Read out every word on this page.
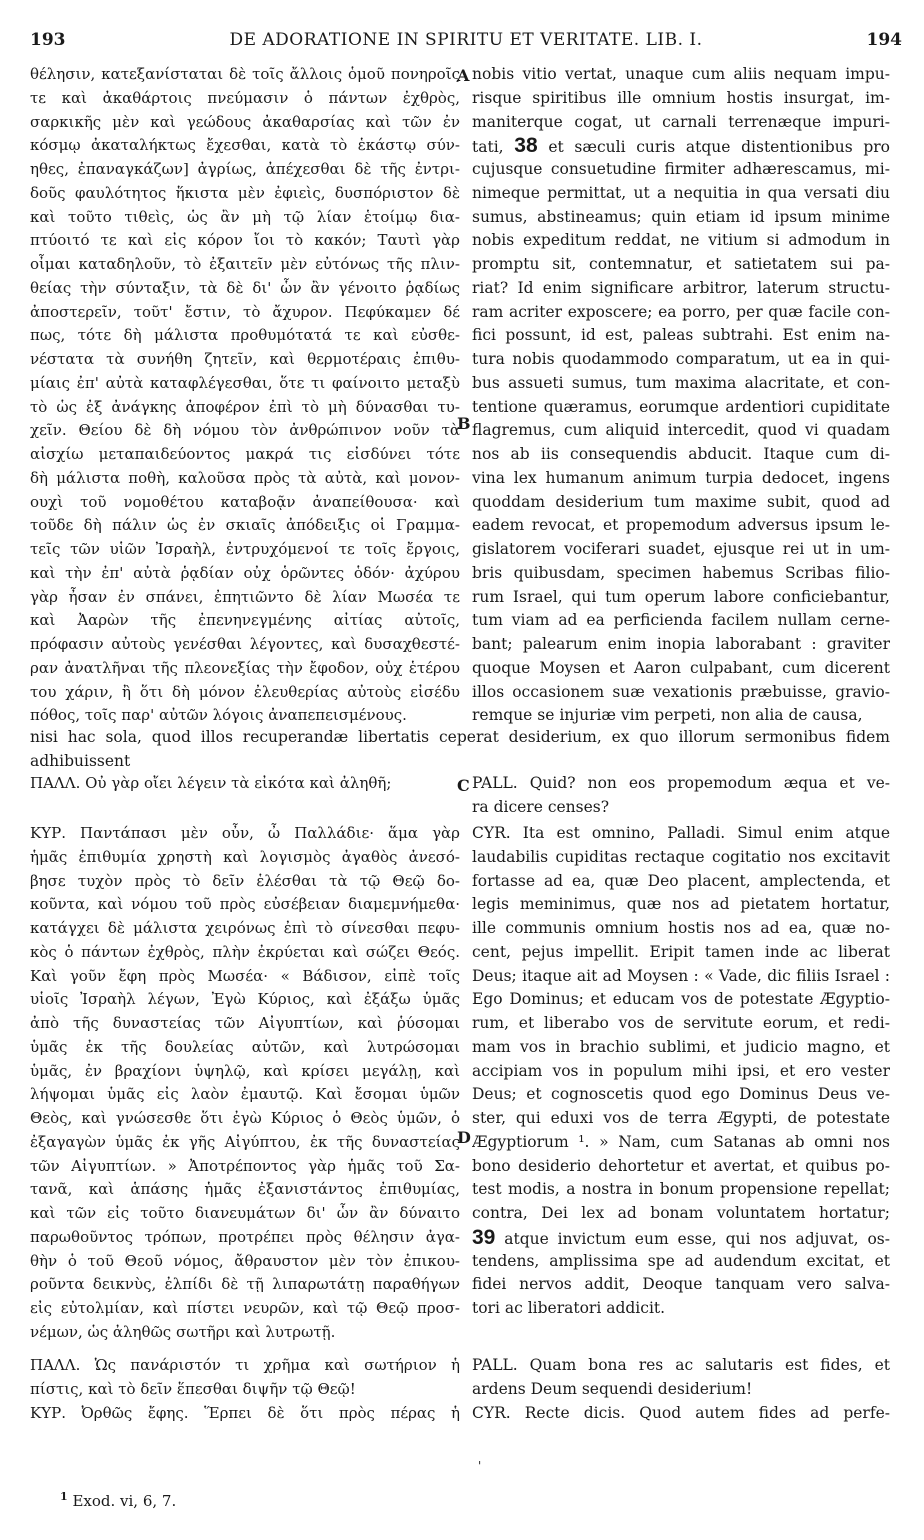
193	DE ADORATIONE IN SPIRITU ET VERITATE. LIB. I.	194
θέλησιν, κατεξανίσταται δὲ τοῖς ἄλλοις ὁμοῦ πονηροῖς
τε καὶ ἀκαθάρτοις πνεύμασιν ὁ πάντων ἐχθρὸς,
σαρκικῆς μὲν καὶ γεώδους ἀκαθαρσίας καὶ τῶν ἐν
κόσμῳ ἀκαταλήκτως ἔχεσθαι, κατὰ τὸ ἑκάστῳ σύν-
ηθες, ἐπαναγκάζων] ἀγρίως, ἀπέχεσθαι δὲ τῆς ἐντρι-
δοῦς φαυλότητος ἥκιστα μὲν ἐφιεὶς, δυσπόριστον δὲ
καὶ τοῦτο τιθεὶς, ὡς ἂν μὴ τῷ λίαν ἑτοίμῳ δια-
πτύοιτό τε καὶ εἰς κόρον ἴοι τὸ κακόν; Ταυτὶ γὰρ
οἶμαι καταδηλοῦν, τὸ ἐξαιτεῖν μὲν εὐτόνως τῆς πλιν-
θείας τὴν σύνταξιν, τὰ δὲ δι' ὧν ἂν γένοιτο ῥᾳδίως
ἀποστερεῖν, τοῦτ' ἔστιν, τὸ ἄχυρον. Πεφύκαμεν δέ
πως, τότε δὴ μάλιστα προθυμότατά τε καὶ εὐσθε-
νέστατα τὰ συνήθη ζητεῖν, καὶ θερμοτέραις ἐπιθυ-
μίαις ἐπ' αὐτὰ καταφλέγεσθαι, ὅτε τι φαίνοιτο μεταξὺ
τὸ ὡς ἐξ ἀνάγκης ἀποφέρον ἐπὶ τὸ μὴ δύνασθαι τυ-
χεῖν. Θείου δὲ δὴ νόμου τὸν ἀνθρώπινον νοῦν τὰ
αἰσχίω μεταπαιδεύοντος μακρά τις εἰσδύνει τότε
δὴ μάλιστα ποθὴ, καλοῦσα πρὸς τὰ αὐτὰ, καὶ μονον-
ουχὶ τοῦ νομοθέτου καταβοᾷν ἀναπείθουσα· καὶ
τοῦδε δὴ πάλιν ὡς ἐν σκιαῖς ἀπόδειξις οἱ Γραμμα-
τεῖς τῶν υἱῶν Ἰσραὴλ, ἐντρυχόμενοί τε τοῖς ἔργοις,
καὶ τὴν ἐπ' αὐτὰ ῥᾳδίαν οὐχ ὁρῶντες ὁδόν· ἀχύρου
γὰρ ἦσαν ἐν σπάνει, ἐπητιῶντο δὲ λίαν Μωσέα τε
καὶ Ἀαρὼν τῆς ἐπενηνεγμένης αἰτίας αὐτοῖς,
πρόφασιν αὐτοὺς γενέσθαι λέγοντες, καὶ δυσαχθεστέ-
ραν ἀνατλῆναι τῆς πλεονεξίας τὴν ἔφοδον, οὐχ ἑτέρου
του χάριν, ἢ ὅτι δὴ μόνον ἐλευθερίας αὐτοὺς εἰσέδυ
πόθος, τοῖς παρ' αὐτῶν λόγοις ἀναπεπεισμένους.
nobis vitio vertat, unaque cum aliis nequam impu-
risque spiritibus ille omnium hostis insurgat, im-
maniterque cogat, ut carnali terrenæque impuri-
tati, 38 et sæculi curis atque distentionibus pro
cujusque consuetudine firmiter adhærescamus, mi-
nimeque permittat, ut a nequitia in qua versati diu
sumus, abstineamus; quin etiam id ipsum minime
nobis expeditum reddat, ne vitium si admodum in
promptu sit, contemnatur, et satietatem sui pa-
riat? Id enim significare arbitror, laterum structu-
ram acriter exposcere; ea porro, per quæ facile con-
fici possunt, id est, paleas subtrahi. Est enim na-
tura nobis quodammodo comparatum, ut ea in qui-
bus assueti sumus, tum maxima alacritate, et con-
tentione quæramus, eorumque ardentiori cupiditate
flagremus, cum aliquid intercedit, quod vi quadam
nos ab iis consequendis abducit. Itaque cum di-
vina lex humanum animum turpia dedocet, ingens
quoddam desiderium tum maxime subit, quod ad
eadem revocat, et propemodum adversus ipsum le-
gislatorem vociferari suadet, ejusque rei ut in um-
bris quibusdam, specimen habemus Scribas filio-
rum Israel, qui tum operum labore conficiebantur,
tum viam ad ea perficienda facilem nullam cerne-
bant; palearum enim inopia laborabant : graviter
quoque Moysen et Aaron culpabant, cum dicerent
illos occasionem suæ vexationis præbuisse, gravio-
remque se injuriæ vim perpeti, non alia de causa,
A
B
C
D
nisi hac sola, quod illos recuperandæ libertatis ceperat desiderium, ex quo illorum sermonibus fidem
adhibuissent
ΠΑΛΛ. Οὐ γὰρ οἴει λέγειν τὰ εἰκότα καὶ ἀληθῆ;	PALL. Quid? non eos propemodum æqua et ve-
ra dicere censes?
ΚΥΡ. Παντάπασι μὲν οὖν, ὦ Παλλάδιε· ἅμα γὰρ
ἡμᾶς ἐπιθυμία χρηστὴ καὶ λογισμὸς ἀγαθὸς ἀνεσό-
βησε τυχὸν πρὸς τὸ δεῖν ἑλέσθαι τὰ τῷ Θεῷ δο-
κοῦντα, καὶ νόμου τοῦ πρὸς εὐσέβειαν διαμεμνήμεθα·
κατάγχει δὲ μάλιστα χειρόνως ἐπὶ τὸ σίνεσθαι πεφυ-
κὸς ὁ πάντων ἐχθρὸς, πλὴν ἐκρύεται καὶ σώζει Θεός.
Καὶ γοῦν ἔφη πρὸς Μωσέα· « Βάδισον, εἰπὲ τοῖς
υἱοῖς Ἰσραὴλ λέγων, Ἐγὼ Κύριος, καὶ ἐξάξω ὑμᾶς
ἀπὸ τῆς δυναστείας τῶν Αἰγυπτίων, καὶ ῥύσομαι
ὑμᾶς ἐκ τῆς δουλείας αὐτῶν, καὶ λυτρώσομαι
ὑμᾶς, ἐν βραχίονι ὑψηλῷ, καὶ κρίσει μεγάλῃ, καὶ
λήψομαι ὑμᾶς εἰς λαὸν ἐμαυτῷ. Καὶ ἔσομαι ὑμῶν
Θεὸς, καὶ γνώσεσθε ὅτι ἐγὼ Κύριος ὁ Θεὸς ὑμῶν, ὁ
ἐξαγαγὼν ὑμᾶς ἐκ γῆς Αἰγύπτου, ἐκ τῆς δυναστείας
τῶν Αἰγυπτίων. » Ἀποτρέποντος γὰρ ἡμᾶς τοῦ Σα-
τανᾶ, καὶ ἁπάσης ἡμᾶς ἐξανιστάντος ἐπιθυμίας,
καὶ τῶν εἰς τοῦτο διανευμάτων δι' ὧν ἂν δύναιτο
παρωθοῦντος τρόπων, προτρέπει πρὸς θέλησιν ἀγα-
θὴν ὁ τοῦ Θεοῦ νόμος, ἄθραυστον μὲν τὸν ἐπικου-
ροῦντα δεικνὺς, ἐλπίδι δὲ τῇ λιπαρωτάτῃ παραθήγων
εἰς εὐτολμίαν, καὶ πίστει νευρῶν, καὶ τῷ Θεῷ προσ-
νέμων, ὡς ἀληθῶς σωτῆρι καὶ λυτρωτῇ.
CYR. Ita est omnino, Palladi. Simul enim atque
laudabilis cupiditas rectaque cogitatio nos excitavit
fortasse ad ea, quæ Deo placent, amplectenda, et
legis meminimus, quæ nos ad pietatem hortatur,
ille communis omnium hostis nos ad ea, quæ no-
cent, pejus impellit. Eripit tamen inde ac liberat
Deus; itaque ait ad Moysen : « Vade, dic filiis Israel :
Ego Dominus; et educam vos de potestate Ægyptio-
rum, et liberabo vos de servitute eorum, et redi-
mam vos in brachio sublimi, et judicio magno, et
accipiam vos in populum mihi ipsi, et ero vester
Deus; et cognoscetis quod ego Dominus Deus ve-
ster, qui eduxi vos de terra Ægypti, de potestate
Ægyptiorum ¹. » Nam, cum Satanas ab omni nos
bono desiderio dehortetur et avertat, et quibus po-
test modis, a nostra in bonum propensione repellat;
contra, Dei lex ad bonam voluntatem hortatur;
39 atque invictum eum esse, qui nos adjuvat, os-
tendens, amplissima spe ad audendum excitat, et
fidei nervos addit, Deoque tanquam vero salva-
tori ac liberatori addicit.
ΠΑΛΛ. Ὡς πανάριστόν τι χρῆμα καὶ σωτήριον ἡ
πίστις, καὶ τὸ δεῖν ἕπεσθαι διψῆν τῷ Θεῷ!
ΚΥΡ. Ὀρθῶς ἔφης. Ἕρπει δὲ ὅτι πρὸς πέρας ἡ
PALL. Quam bona res ac salutaris est fides, et
ardens Deum sequendi desiderium!
CYR. Recte dicis. Quod autem fides ad perfe-
'
$^1$ Exod. vi, 6, 7.
